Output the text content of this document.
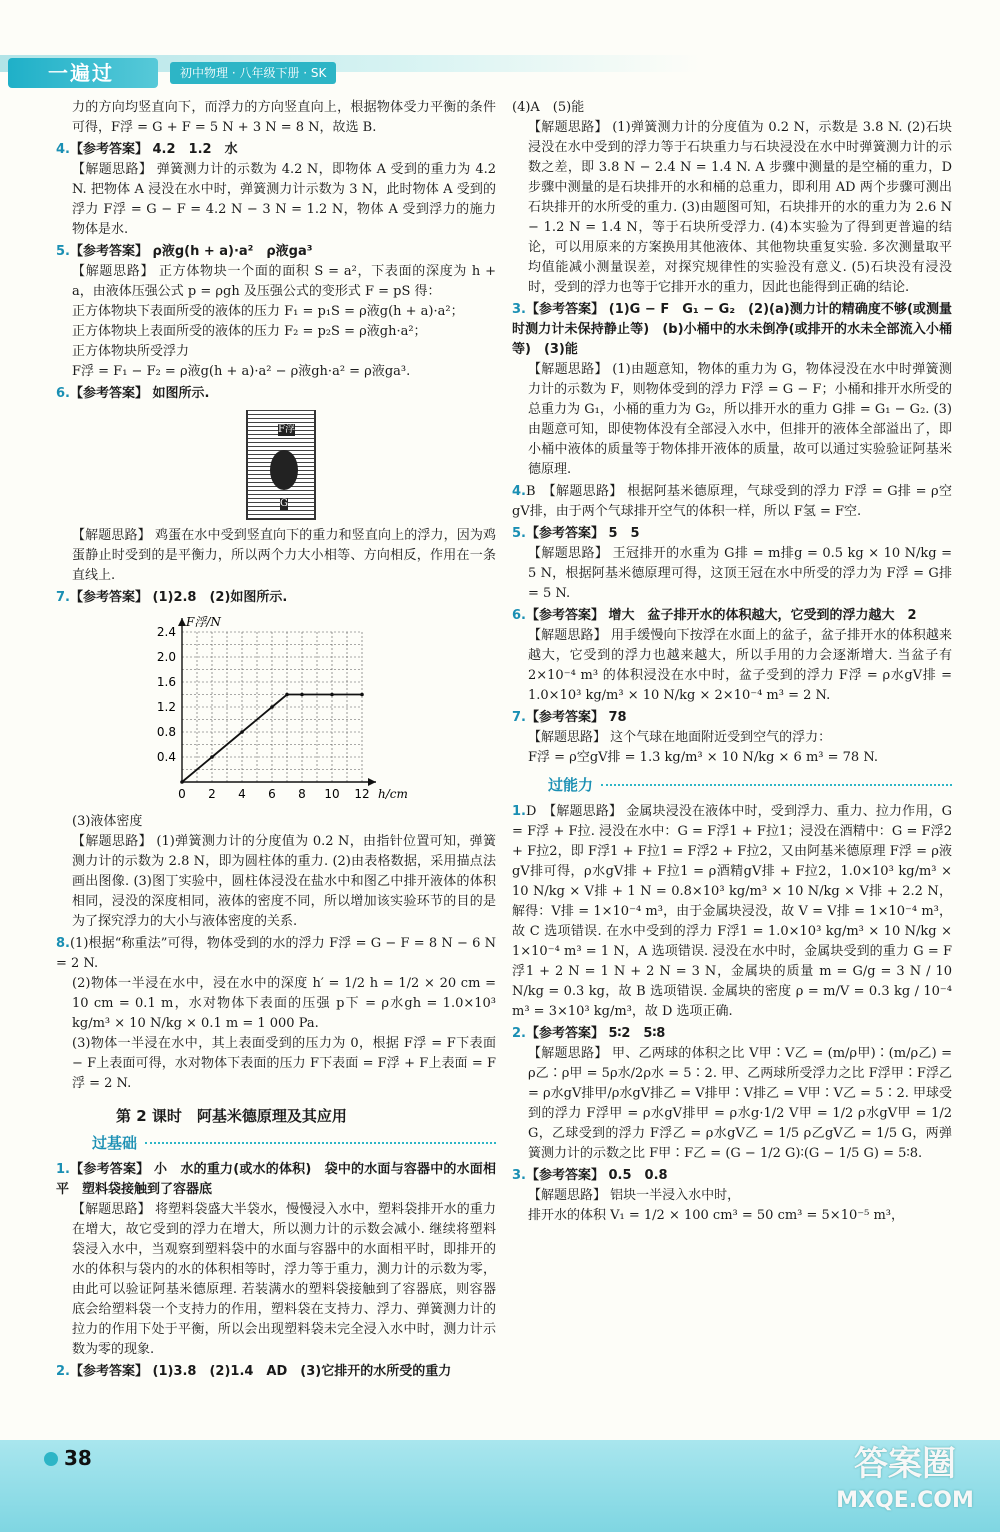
一遍过	初中物理 · 八年级下册 · SK

力的方向均竖直向下，而浮力的方向竖直向上，根据物体受力平衡的条件可得，F浮 = G + F = 5 N + 3 N = 8 N，故选 B.

4.【参考答案】 4.2　1.2　水

【解题思路】 弹簧测力计的示数为 4.2 N，即物体 A 受到的重力为 4.2 N. 把物体 A 浸没在水中时，弹簧测力计示数为 3 N，此时物体 A 受到的浮力 F浮 = G − F = 4.2 N − 3 N = 1.2 N，物体 A 受到浮力的施力物体是水.

5.【参考答案】 ρ液g(h + a)·a²　ρ液ga³

【解题思路】 正方体物块一个面的面积 S = a²，下表面的深度为 h + a，由液体压强公式 p = ρgh 及压强公式的变形式 F = pS 得：

正方体物块下表面所受的液体的压力 F₁ = p₁S = ρ液g(h + a)·a²；

正方体物块上表面所受的液体的压力 F₂ = p₂S = ρ液gh·a²；

正方体物块所受浮力

F浮 = F₁ − F₂ = ρ液g(h + a)·a² − ρ液gh·a² = ρ液ga³.

6.【参考答案】 如图所示.

F浮
G

【解题思路】 鸡蛋在水中受到竖直向下的重力和竖直向上的浮力，因为鸡蛋静止时受到的是平衡力，所以两个力大小相等、方向相反，作用在一条直线上.

7.【参考答案】 (1)2.8　(2)如图所示.

0 2 4 6 8 10 12
0.4
0.8
1.2
1.6
2.0
2.4
h/cm
F浮/N

(3)液体密度

【解题思路】 (1)弹簧测力计的分度值为 0.2 N，由指针位置可知，弹簧测力计的示数为 2.8 N，即为圆柱体的重力. (2)由表格数据，采用描点法画出图像. (3)图丁实验中，圆柱体浸没在盐水中和图乙中排开液体的体积相同，浸没的深度相同，液体的密度不同，所以增加该实验环节的目的是为了探究浮力的大小与液体密度的关系.

8.(1)根据“称重法”可得，物体受到的水的浮力 F浮 = G − F = 8 N − 6 N = 2 N.

(2)物体一半浸在水中，浸在水中的深度 h′ = 1/2 h = 1/2 × 20 cm = 10 cm = 0.1 m，水对物体下表面的压强 p下 = ρ水gh = 1.0×10³ kg/m³ × 10 N/kg × 0.1 m = 1 000 Pa.

(3)物体一半浸在水中，其上表面受到的压力为 0，根据 F浮 = F下表面 − F上表面可得，水对物体下表面的压力 F下表面 = F浮 + F上表面 = F浮 = 2 N.

第 2 课时　阿基米德原理及其应用
过基础

1.【参考答案】 小　水的重力(或水的体积)　袋中的水面与容器中的水面相平　塑料袋接触到了容器底

【解题思路】 将塑料袋盛大半袋水，慢慢浸入水中，塑料袋排开水的重力在增大，故它受到的浮力在增大，所以测力计的示数会减小. 继续将塑料袋浸入水中，当观察到塑料袋中的水面与容器中的水面相平时，即排开的水的体积与袋内的水的体积相等时，浮力等于重力，测力计的示数为零，由此可以验证阿基米德原理. 若装满水的塑料袋接触到了容器底，则容器底会给塑料袋一个支持力的作用，塑料袋在支持力、浮力、弹簧测力计的拉力的作用下处于平衡，所以会出现塑料袋未完全浸入水中时，测力计示数为零的现象.

2.【参考答案】 (1)3.8　(2)1.4　AD　(3)它排开的水所受的重力

(4)A　(5)能

【解题思路】 (1)弹簧测力计的分度值为 0.2 N，示数是 3.8 N. (2)石块浸没在水中受到的浮力等于石块重力与石块浸没在水中时弹簧测力计的示数之差，即 3.8 N − 2.4 N = 1.4 N. A 步骤中测量的是空桶的重力，D 步骤中测量的是石块排开的水和桶的总重力，即利用 AD 两个步骤可测出石块排开的水所受的重力. (3)由题图可知，石块排开的水的重力为 2.6 N − 1.2 N = 1.4 N，等于石块所受浮力. (4)本实验为了得到更普遍的结论，可以用原来的方案换用其他液体、其他物块重复实验. 多次测量取平均值能减小测量误差，对探究规律性的实验没有意义. (5)石块没有浸没时，受到的浮力也等于它排开水的重力，因此也能得到正确的结论.

3.【参考答案】 (1)G − F　G₁ − G₂　(2)(a)测力计的精确度不够(或测量时测力计未保持静止等)　(b)小桶中的水未倒净(或排开的水未全部流入小桶等)　(3)能

【解题思路】 (1)由题意知，物体的重力为 G，物体浸没在水中时弹簧测力计的示数为 F，则物体受到的浮力 F浮 = G − F；小桶和排开水所受的总重力为 G₁，小桶的重力为 G₂，所以排开水的重力 G排 = G₁ − G₂. (3)由题意可知，即使物体没有全部浸入水中，但排开的液体全部溢出了，即小桶中液体的质量等于物体排开液体的质量，故可以通过实验验证阿基米德原理.

4.B　【解题思路】 根据阿基米德原理，气球受到的浮力 F浮 = G排 = ρ空gV排，由于两个气球排开空气的体积一样，所以 F氢 = F空.

5.【参考答案】 5　5

【解题思路】 王冠排开的水重为 G排 = m排g = 0.5 kg × 10 N/kg = 5 N，根据阿基米德原理可得，这顶王冠在水中所受的浮力为 F浮 = G排 = 5 N.

6.【参考答案】 增大　盆子排开水的体积越大，它受到的浮力越大　2

【解题思路】 用手缓慢向下按浮在水面上的盆子，盆子排开水的体积越来越大，它受到的浮力也越来越大，所以手用的力会逐渐增大. 当盆子有 2×10⁻⁴ m³ 的体积浸没在水中时，盆子受到的浮力 F浮 = ρ水gV排 = 1.0×10³ kg/m³ × 10 N/kg × 2×10⁻⁴ m³ = 2 N.

7.【参考答案】 78

【解题思路】 这个气球在地面附近受到空气的浮力：

F浮 = ρ空gV排 = 1.3 kg/m³ × 10 N/kg × 6 m³ = 78 N.

过能力

1.D　【解题思路】 金属块浸没在液体中时，受到浮力、重力、拉力作用，G = F浮 + F拉. 浸没在水中：G = F浮1 + F拉1；浸没在酒精中：G = F浮2 + F拉2，即 F浮1 + F拉1 = F浮2 + F拉2，又由阿基米德原理 F浮 = ρ液gV排可得，ρ水gV排 + F拉1 = ρ酒精gV排 + F拉2，1.0×10³ kg/m³ × 10 N/kg × V排 + 1 N = 0.8×10³ kg/m³ × 10 N/kg × V排 + 2.2 N，解得：V排 = 1×10⁻⁴ m³，由于金属块浸没，故 V = V排 = 1×10⁻⁴ m³，故 C 选项错误. 在水中受到的浮力 F浮1 = 1.0×10³ kg/m³ × 10 N/kg × 1×10⁻⁴ m³ = 1 N，A 选项错误. 浸没在水中时，金属块受到的重力 G = F浮1 + 2 N = 1 N + 2 N = 3 N，金属块的质量 m = G/g = 3 N / 10 N/kg = 0.3 kg，故 B 选项错误. 金属块的密度 ρ = m/V = 0.3 kg / 10⁻⁴ m³ = 3×10³ kg/m³，故 D 选项正确.

2.【参考答案】 5∶2　5∶8

【解题思路】 甲、乙两球的体积之比 V甲∶V乙 = (m/ρ甲)∶(m/ρ乙) = ρ乙∶ρ甲 = 5ρ水/2ρ水 = 5∶2. 甲、乙两球所受浮力之比 F浮甲∶F浮乙 = ρ水gV排甲/ρ水gV排乙 = V排甲∶V排乙 = V甲∶V乙 = 5∶2. 甲球受到的浮力 F浮甲 = ρ水gV排甲 = ρ水g·1/2 V甲 = 1/2 ρ水gV甲 = 1/2 G，乙球受到的浮力 F浮乙 = ρ水gV乙 = 1/5 ρ乙gV乙 = 1/5 G，两弹簧测力计的示数之比 F甲∶F乙 = (G − 1/2 G)∶(G − 1/5 G) = 5∶8.

3.【参考答案】 0.5　0.8

【解题思路】 铝块一半浸入水中时，

排开水的体积 V₁ = 1/2 × 100 cm³ = 50 cm³ = 5×10⁻⁵ m³，

38	答案圈
MXQE.COM
